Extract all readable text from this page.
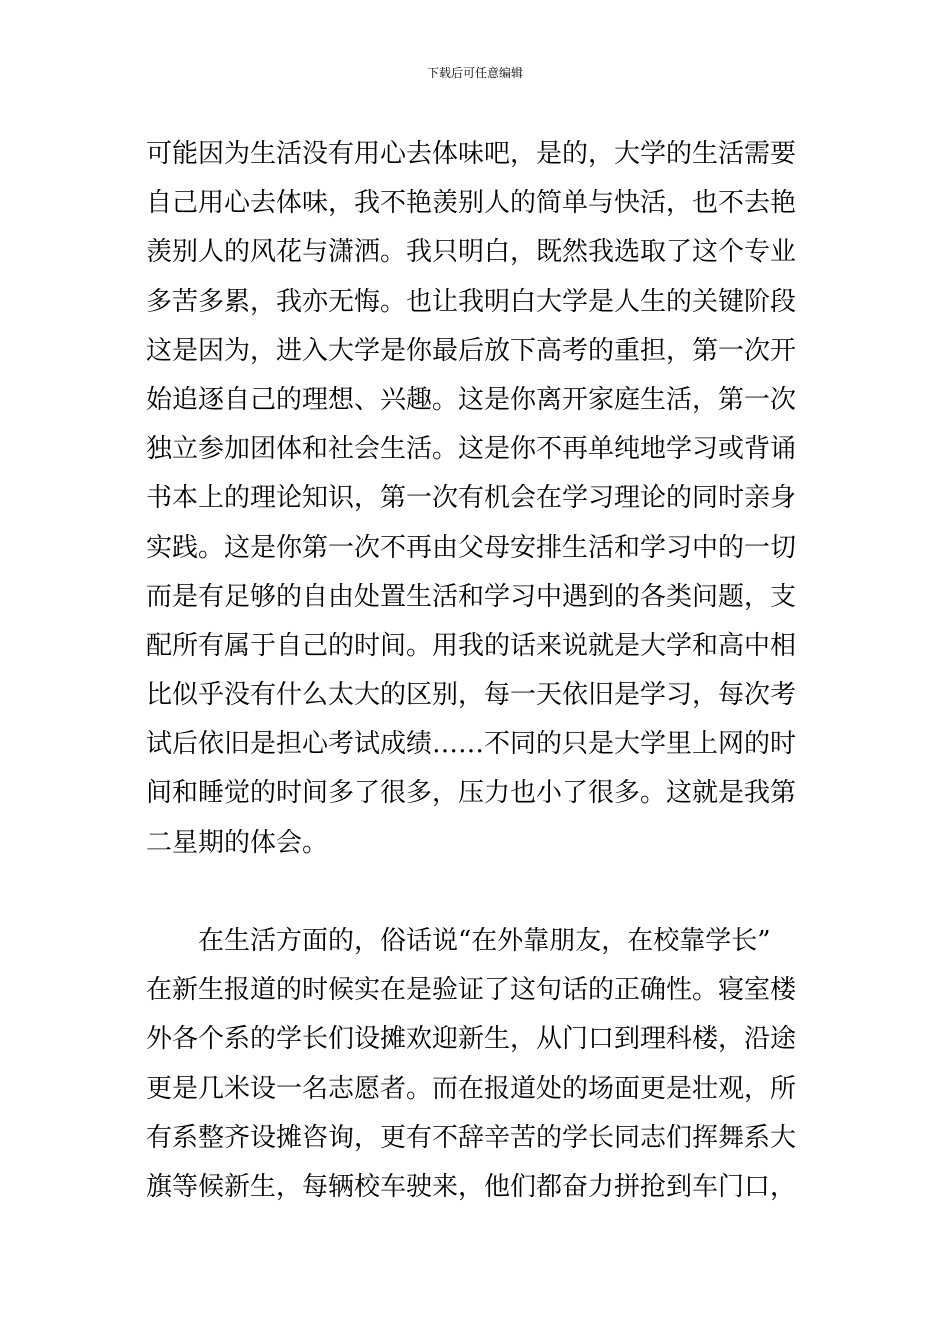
下载后可任意编辑
可能因为生活没有用心去体味吧，是的，大学的生活需要
自己用心去体味，我不艳羡别人的简单与快活，也不去艳
羡别人的风花与潇洒。我只明白，既然我选取了这个专业
多苦多累，我亦无悔。也让我明白大学是人生的关键阶段
这是因为，进入大学是你最后放下高考的重担，第一次开
始追逐自己的理想、兴趣。这是你离开家庭生活，第一次
独立参加团体和社会生活。这是你不再单纯地学习或背诵
书本上的理论知识，第一次有机会在学习理论的同时亲身
实践。这是你第一次不再由父母安排生活和学习中的一切
而是有足够的自由处置生活和学习中遇到的各类问题，支
配所有属于自己的时间。用我的话来说就是大学和高中相
比似乎没有什么太大的区别，每一天依旧是学习，每次考
试后依旧是担心考试成绩……不同的只是大学里上网的时
间和睡觉的时间多了很多，压力也小了很多。这就是我第
二星期的体会。
在生活方面的，俗话说“在外靠朋友，在校靠学长”
在新生报道的时候实在是验证了这句话的正确性。寝室楼
外各个系的学长们设摊欢迎新生，从门口到理科楼，沿途
更是几米设一名志愿者。而在报道处的场面更是壮观，所
有系整齐设摊咨询，更有不辞辛苦的学长同志们挥舞系大
旗等候新生，每辆校车驶来，他们都奋力拼抢到车门口，
